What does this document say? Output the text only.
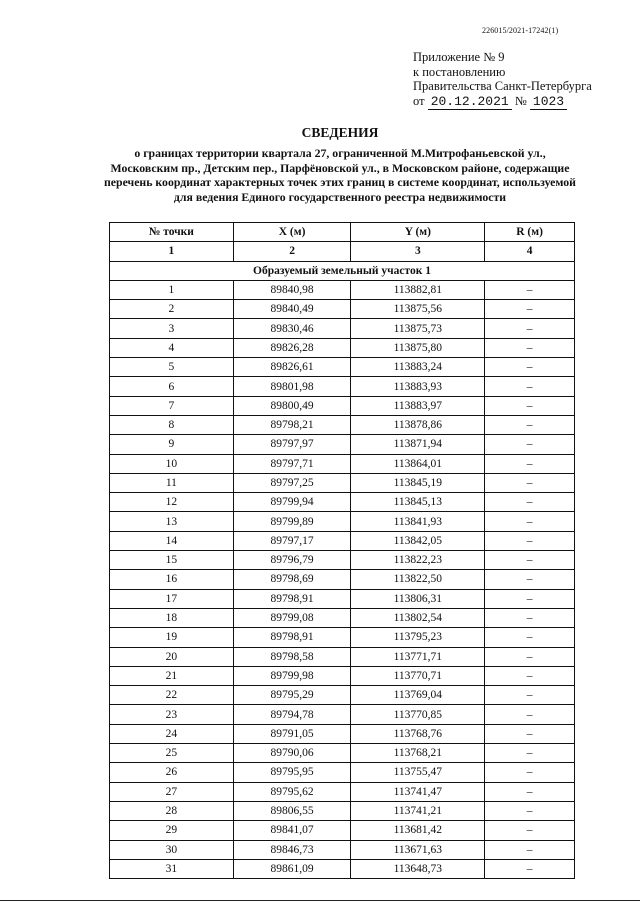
226015/2021-17242(1)
Приложение № 9
к постановлению
Правительства Санкт-Петербурга
от 20.12.2021 № 1023
СВЕДЕНИЯ
о границах территории квартала 27, ограниченной М.Митрофаньевской ул.,
Московским пр., Детским пер., Парфёновской ул., в Московском районе, содержащие
перечень координат характерных точек этих границ в системе координат, используемой
для ведения Единого государственного реестра недвижимости
№ точки	X (м)	Y (м)	R (м)
1	2	3	4
Образуемый земельный участок 1			
1	89840,98	113882,81	–
2	89840,49	113875,56	–
3	89830,46	113875,73	–
4	89826,28	113875,80	–
5	89826,61	113883,24	–
6	89801,98	113883,93	–
7	89800,49	113883,97	–
8	89798,21	113878,86	–
9	89797,97	113871,94	–
10	89797,71	113864,01	–
11	89797,25	113845,19	–
12	89799,94	113845,13	–
13	89799,89	113841,93	–
14	89797,17	113842,05	–
15	89796,79	113822,23	–
16	89798,69	113822,50	–
17	89798,91	113806,31	–
18	89799,08	113802,54	–
19	89798,91	113795,23	–
20	89798,58	113771,71	–
21	89799,98	113770,71	–
22	89795,29	113769,04	–
23	89794,78	113770,85	–
24	89791,05	113768,76	–
25	89790,06	113768,21	–
26	89795,95	113755,47	–
27	89795,62	113741,47	–
28	89806,55	113741,21	–
29	89841,07	113681,42	–
30	89846,73	113671,63	–
31	89861,09	113648,73	–
